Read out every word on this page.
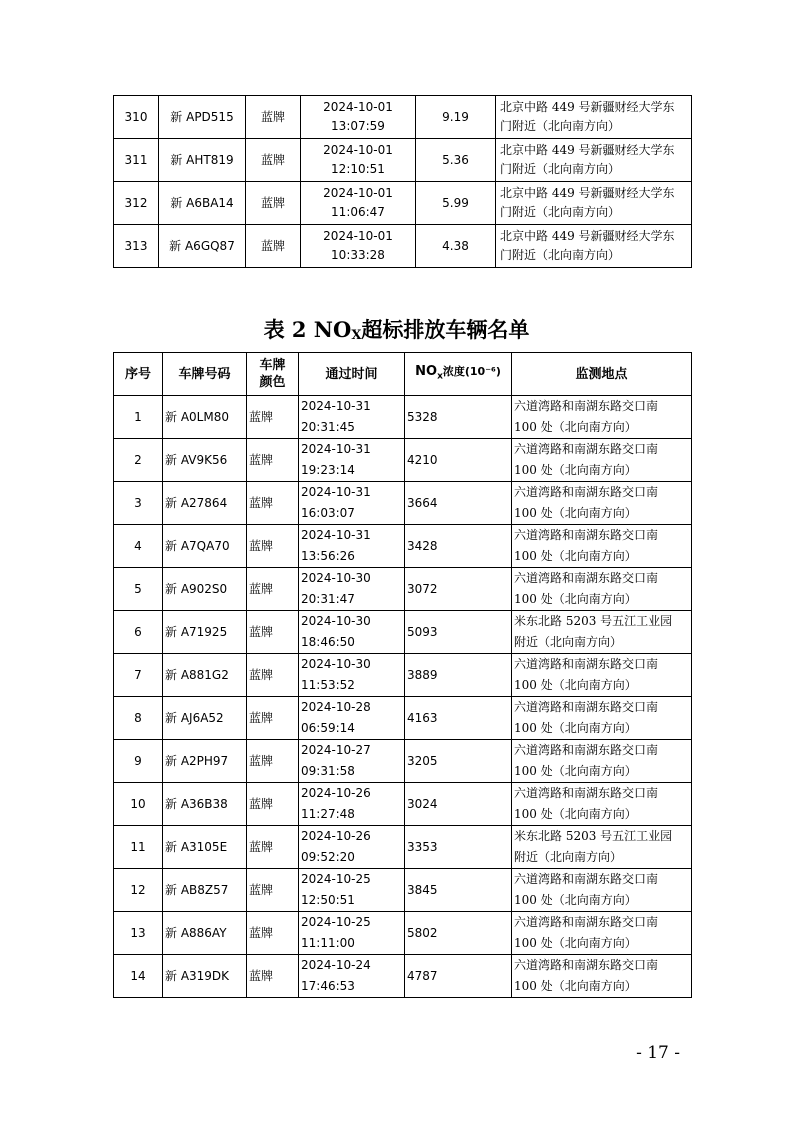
310	新 APD515	蓝牌	2024-10-01
13:07:59	9.19	北京中路 449 号新疆财经大学东
门附近（北向南方向）
311	新 AHT819	蓝牌	2024-10-01
12:10:51	5.36	北京中路 449 号新疆财经大学东
门附近（北向南方向）
312	新 A6BA14	蓝牌	2024-10-01
11:06:47	5.99	北京中路 449 号新疆财经大学东
门附近（北向南方向）
313	新 A6GQ87	蓝牌	2024-10-01
10:33:28	4.38	北京中路 449 号新疆财经大学东
门附近（北向南方向）
表 2 $NO_X$超标排放车辆名单
序号	车牌号码	车牌
颜色	通过时间	$NO_x$浓度(10⁻⁶)	监测地点
1	新 A0LM80	蓝牌	2024-10-31
20:31:45	5328	六道湾路和南湖东路交口南
100 处（北向南方向）
2	新 AV9K56	蓝牌	2024-10-31
19:23:14	4210	六道湾路和南湖东路交口南
100 处（北向南方向）
3	新 A27864	蓝牌	2024-10-31
16:03:07	3664	六道湾路和南湖东路交口南
100 处（北向南方向）
4	新 A7QA70	蓝牌	2024-10-31
13:56:26	3428	六道湾路和南湖东路交口南
100 处（北向南方向）
5	新 A902S0	蓝牌	2024-10-30
20:31:47	3072	六道湾路和南湖东路交口南
100 处（北向南方向）
6	新 A71925	蓝牌	2024-10-30
18:46:50	5093	米东北路 5203 号五江工业园
附近（北向南方向）
7	新 A881G2	蓝牌	2024-10-30
11:53:52	3889	六道湾路和南湖东路交口南
100 处（北向南方向）
8	新 AJ6A52	蓝牌	2024-10-28
06:59:14	4163	六道湾路和南湖东路交口南
100 处（北向南方向）
9	新 A2PH97	蓝牌	2024-10-27
09:31:58	3205	六道湾路和南湖东路交口南
100 处（北向南方向）
10	新 A36B38	蓝牌	2024-10-26
11:27:48	3024	六道湾路和南湖东路交口南
100 处（北向南方向）
11	新 A3105E	蓝牌	2024-10-26
09:52:20	3353	米东北路 5203 号五江工业园
附近（北向南方向）
12	新 AB8Z57	蓝牌	2024-10-25
12:50:51	3845	六道湾路和南湖东路交口南
100 处（北向南方向）
13	新 A886AY	蓝牌	2024-10-25
11:11:00	5802	六道湾路和南湖东路交口南
100 处（北向南方向）
14	新 A319DK	蓝牌	2024-10-24
17:46:53	4787	六道湾路和南湖东路交口南
100 处（北向南方向）
- 17 -
